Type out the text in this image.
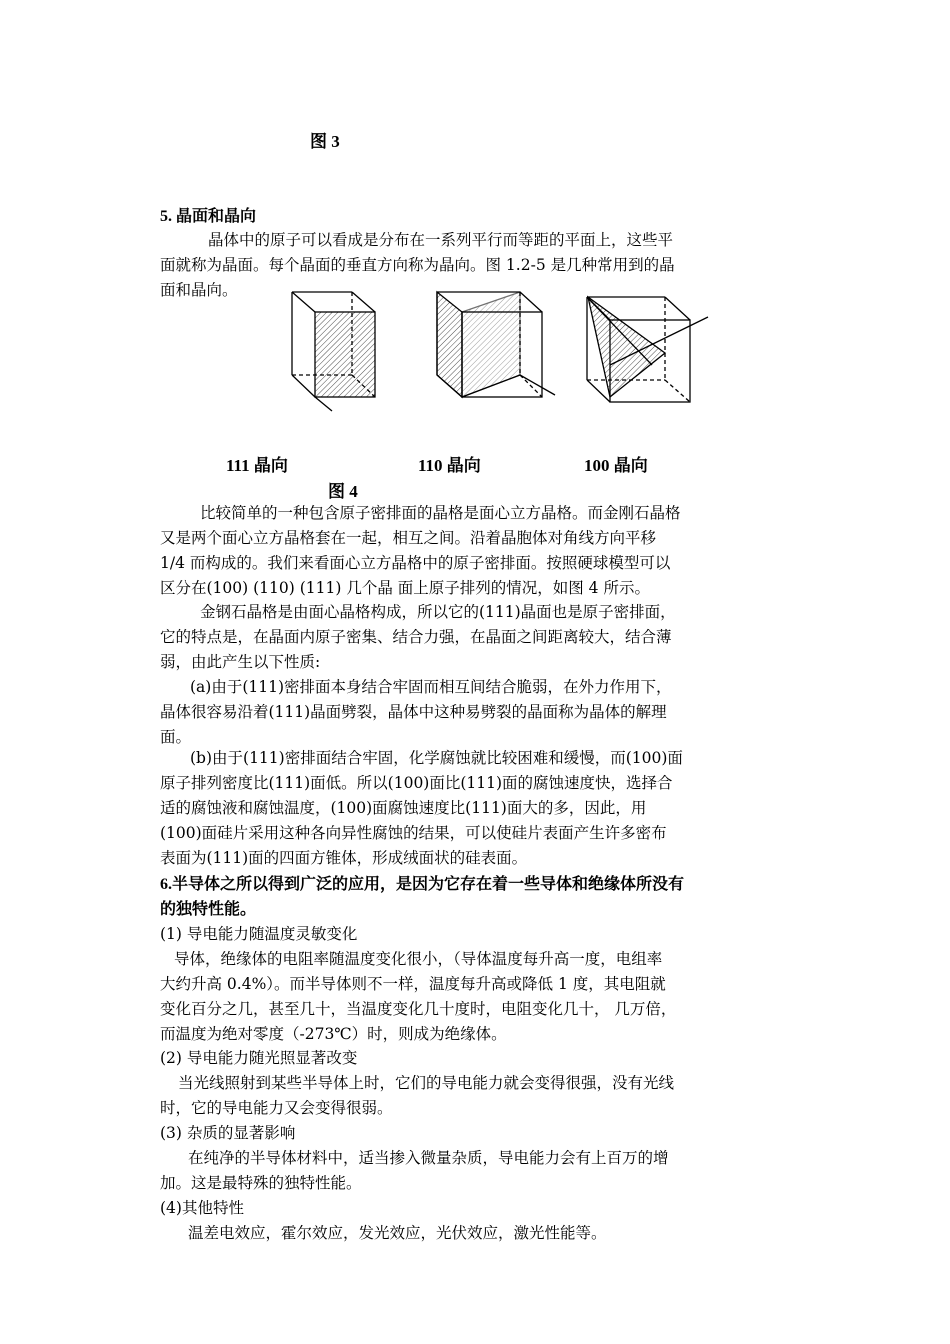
图 3
5. 晶面和晶向
晶体中的原子可以看成是分布在一系列平行而等距的平面上，这些平
面就称为晶面。每个晶面的垂直方向称为晶向。图 1.2-5 是几种常用到的晶
面和晶向。
111 晶向	110 晶向	100 晶向
图 4
比较简单的一种包含原子密排面的晶格是面心立方晶格。而金刚石晶格
又是两个面心立方晶格套在一起，相互之间。沿着晶胞体对角线方向平移
1/4 而构成的。我们来看面心立方晶格中的原子密排面。按照硬球模型可以
区分在(100) (110) (111) 几个晶 面上原子排列的情况，如图 4 所示。
金钢石晶格是由面心晶格构成，所以它的(111)晶面也是原子密排面，
它的特点是，在晶面内原子密集、结合力强，在晶面之间距离较大，结合薄
弱，由此产生以下性质:
(a)由于(111)密排面本身结合牢固而相互间结合脆弱，在外力作用下，
晶体很容易沿着(111)晶面劈裂，晶体中这种易劈裂的晶面称为晶体的解理
面。
(b)由于(111)密排面结合牢固，化学腐蚀就比较困难和缓慢，而(100)面
原子排列密度比(111)面低。所以(100)面比(111)面的腐蚀速度快，选择合
适的腐蚀液和腐蚀温度，(100)面腐蚀速度比(111)面大的多，因此，用
(100)面硅片采用这种各向异性腐蚀的结果，可以使硅片表面产生许多密布
表面为(111)面的四面方锥体，形成绒面状的硅表面。
6.半导体之所以得到广泛的应用，是因为它存在着一些导体和绝缘体所没有
的独特性能。
(1) 导电能力随温度灵敏变化
导体，绝缘体的电阻率随温度变化很小，（导体温度每升高一度，电组率
大约升高 0.4%）。而半导体则不一样，温度每升高或降低 1 度，其电阻就
变化百分之几，甚至几十，当温度变化几十度时，电阻变化几十， 几万倍，
而温度为绝对零度（-273℃）时，则成为绝缘体。
(2) 导电能力随光照显著改变
当光线照射到某些半导体上时，它们的导电能力就会变得很强，没有光线
时，它的导电能力又会变得很弱。
(3) 杂质的显著影响
在纯净的半导体材料中，适当掺入微量杂质，导电能力会有上百万的增
加。这是最特殊的独特性能。
(4)其他特性
温差电效应，霍尔效应，发光效应，光伏效应，激光性能等。
